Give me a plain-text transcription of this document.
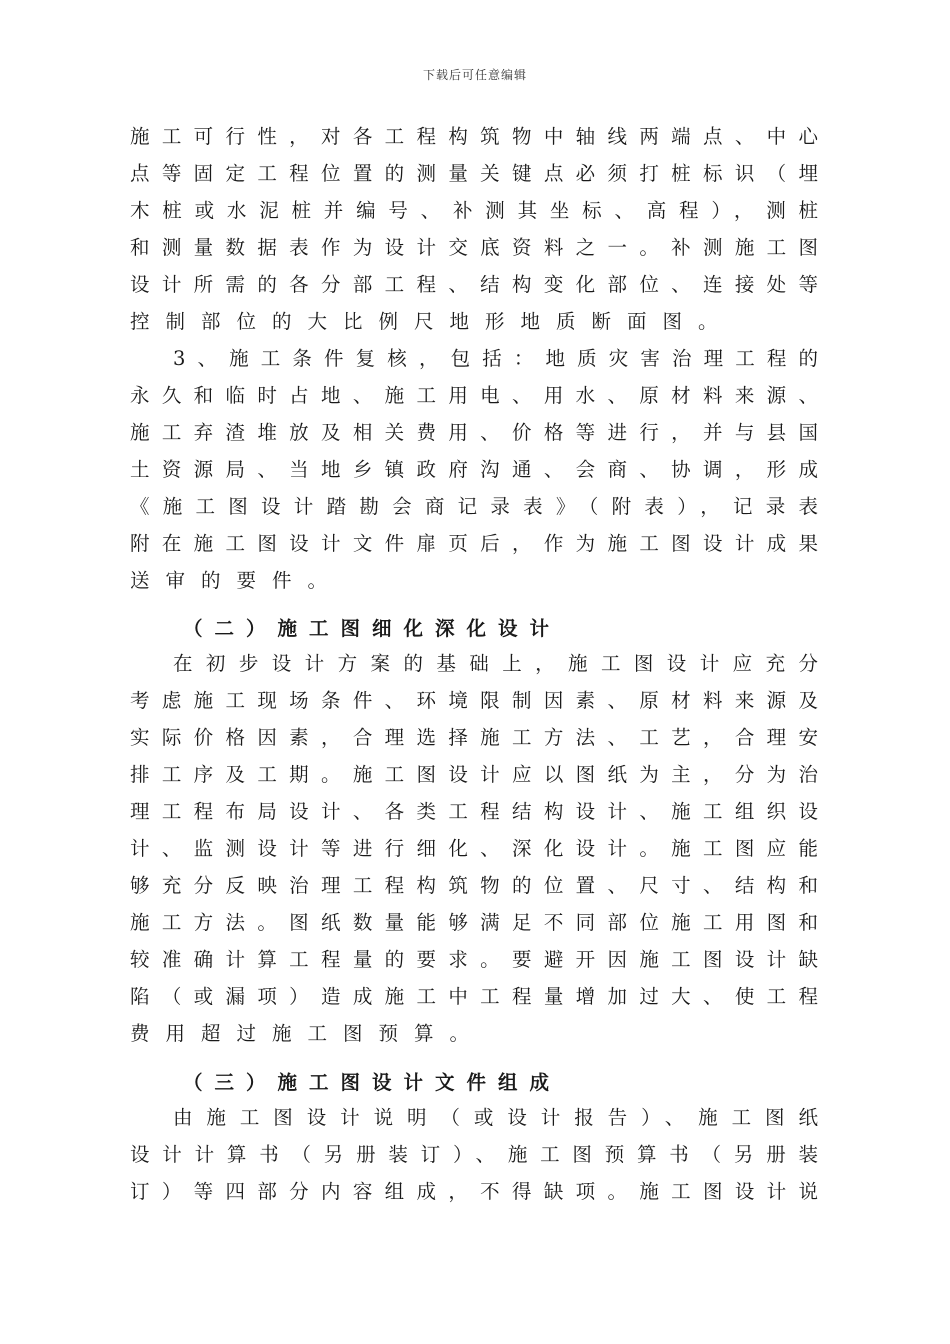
下载后可任意编辑
施工可行性，对各工程构筑物中轴线两端点、中心
点等固定工程位置的测量关键点必须打桩标识（埋
木桩或水泥桩并编号、补测其坐标、高程），测桩
和测量数据表作为设计交底资料之一。补测施工图
设计所需的各分部工程、结构变化部位、连接处等
控制部位的大比例尺地形地质断面图。
3、施工条件复核，包括：地质灾害治理工程的
永久和临时占地、施工用电、用水、原材料来源、
施工弃渣堆放及相关费用、价格等进行，并与县国
土资源局、当地乡镇政府沟通、会商、协调，形成
《施工图设计踏勘会商记录表》（附表），记录表
附在施工图设计文件扉页后，作为施工图设计成果
送审的要件。
（二）施工图细化深化设计
在初步设计方案的基础上，施工图设计应充分
考虑施工现场条件、环境限制因素、原材料来源及
实际价格因素，合理选择施工方法、工艺，合理安
排工序及工期。施工图设计应以图纸为主，分为治
理工程布局设计、各类工程结构设计、施工组织设
计、监测设计等进行细化、深化设计。施工图应能
够充分反映治理工程构筑物的位置、尺寸、结构和
施工方法。图纸数量能够满足不同部位施工用图和
较准确计算工程量的要求。要避开因施工图设计缺
陷（或漏项）造成施工中工程量增加过大、使工程
费用超过施工图预算。
（三）施工图设计文件组成
由施工图设计说明（或设计报告）、施工图纸
设计计算书（另册装订）、施工图预算书（另册装
订）等四部分内容组成，不得缺项。施工图设计说
